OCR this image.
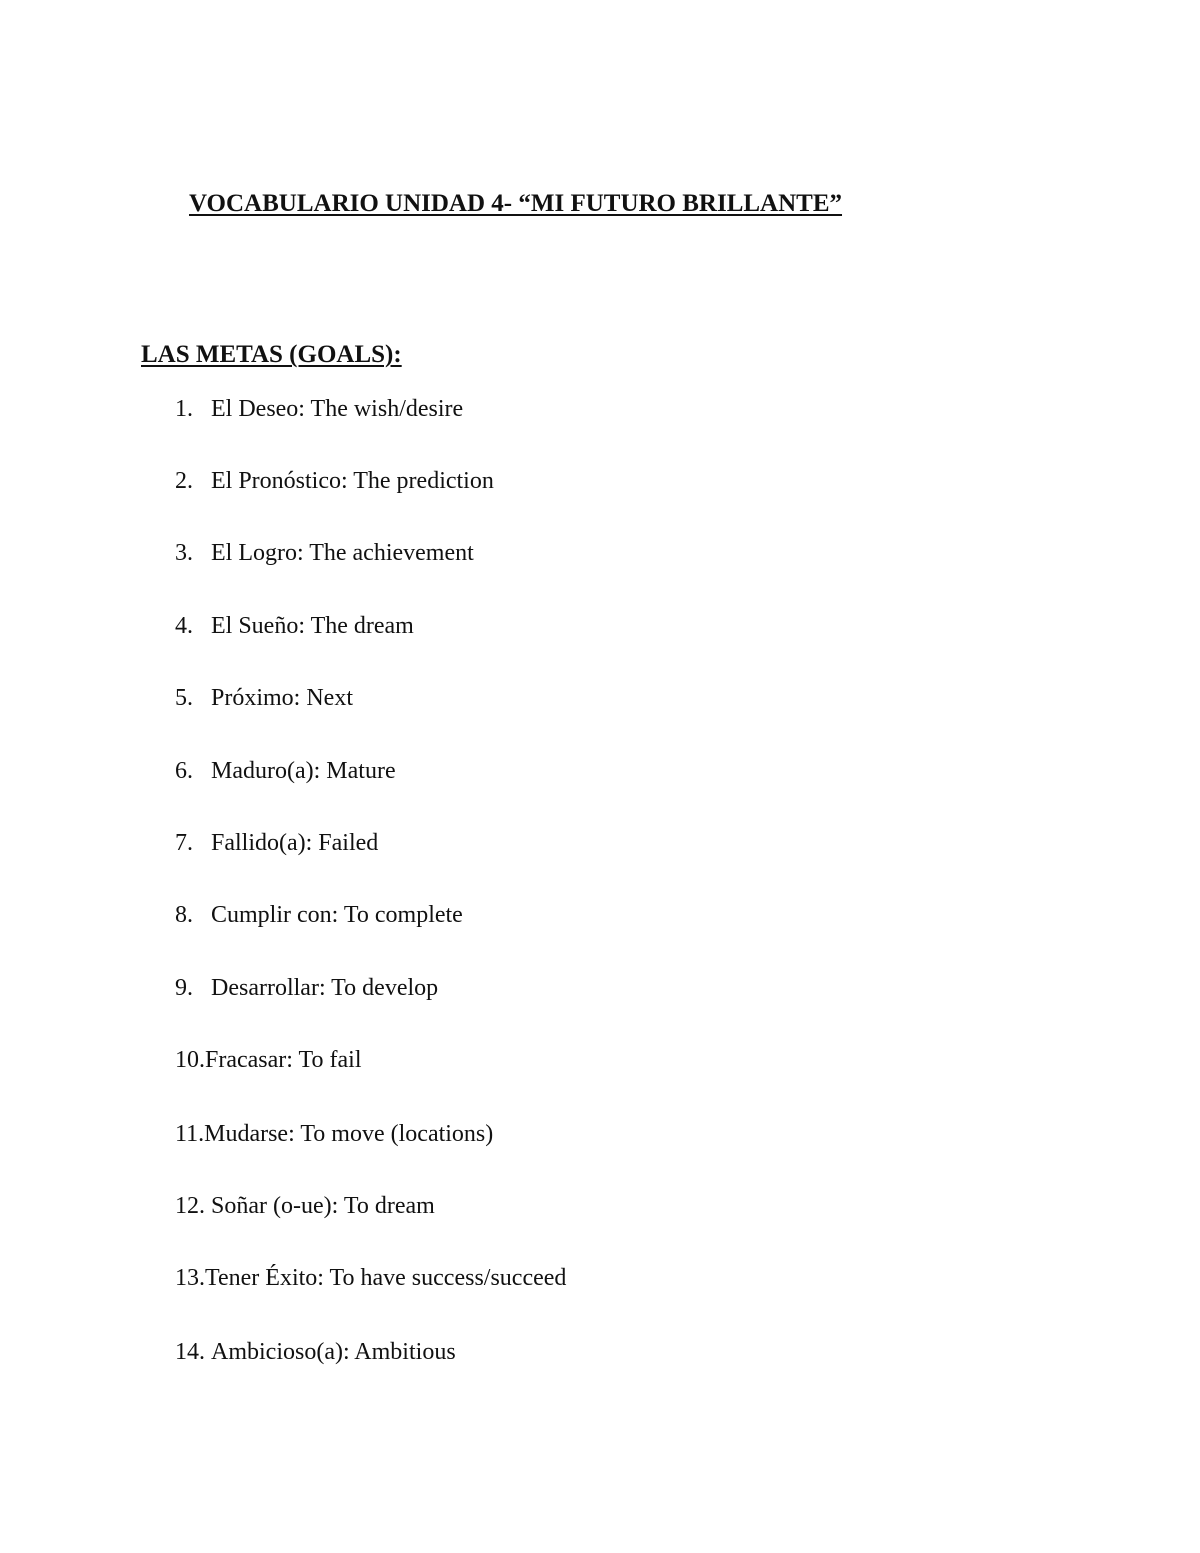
VOCABULARIO UNIDAD 4- “MI FUTURO BRILLANTE”
LAS METAS (GOALS):

1. El Deseo: The wish/desire

2. El Pronóstico: The prediction

3. El Logro: The achievement

4. El Sueño: The dream

5. Próximo: Next

6. Maduro(a): Mature

7. Fallido(a): Failed

8. Cumplir con: To complete

9. Desarrollar: To develop

10.Fracasar: To fail

11.Mudarse: To move (locations)

12. Soñar (o-ue): To dream

13.Tener Éxito: To have success/succeed

14. Ambicioso(a): Ambitious
